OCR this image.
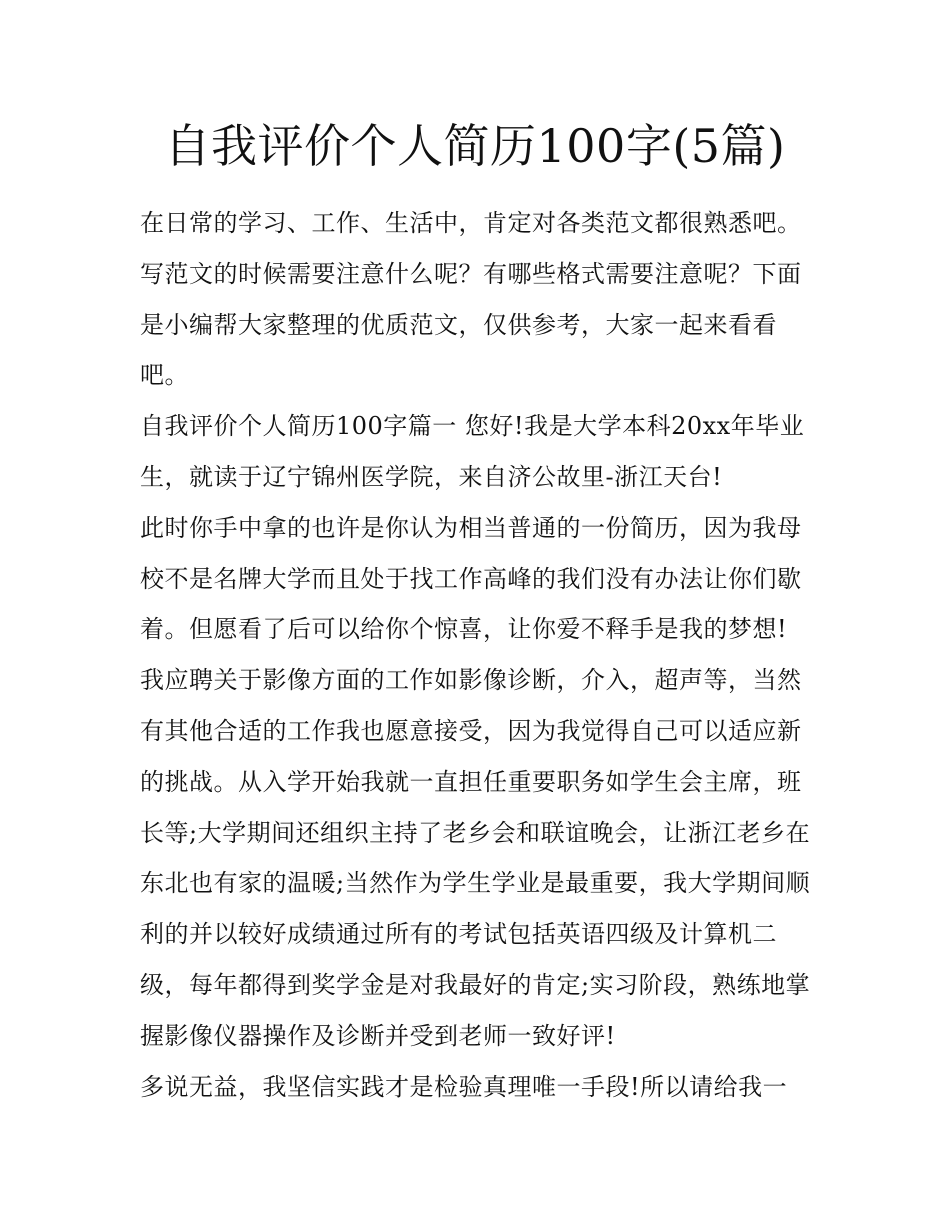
自我评价个人简历100字(5篇)

在日常的学习、工作、生活中，肯定对各类范文都很熟悉吧。写范文的时候需要注意什么呢？有哪些格式需要注意呢？下面是小编帮大家整理的优质范文，仅供参考，大家一起来看看吧。

自我评价个人简历100字篇一 您好!我是大学本科20xx年毕业生，就读于辽宁锦州医学院，来自济公故里-浙江天台!

此时你手中拿的也许是你认为相当普通的一份简历，因为我母校不是名牌大学而且处于找工作高峰的我们没有办法让你们歇着。但愿看了后可以给你个惊喜，让你爱不释手是我的梦想!

我应聘关于影像方面的工作如影像诊断，介入，超声等，当然有其他合适的工作我也愿意接受，因为我觉得自己可以适应新的挑战。从入学开始我就一直担任重要职务如学生会主席，班长等;大学期间还组织主持了老乡会和联谊晚会，让浙江老乡在东北也有家的温暖;当然作为学生学业是最重要，我大学期间顺利的并以较好成绩通过所有的考试包括英语四级及计算机二级，每年都得到奖学金是对我最好的肯定;实习阶段，熟练地掌握影像仪器操作及诊断并受到老师一致好评!

多说无益，我坚信实践才是检验真理唯一手段!所以请给我一
